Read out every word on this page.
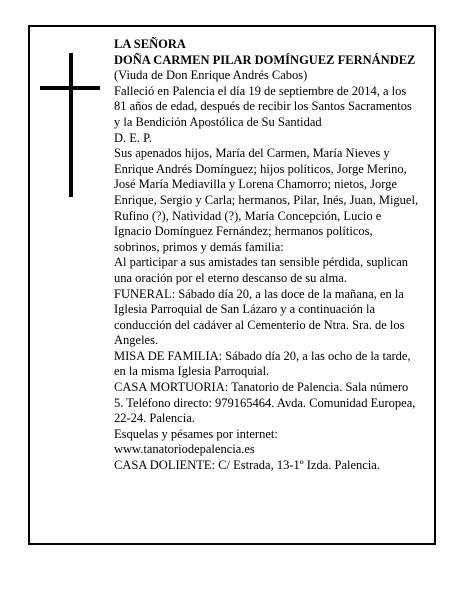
LA SEÑORA

DOÑA CARMEN PILAR DOMÍNGUEZ FERNÁNDEZ

(Viuda de Don Enrique Andrés Cabos)

Falleció en Palencia el día 19 de septiembre de 2014, a los 81 años de edad, después de recibir los Santos Sacramentos y la Bendición Apostólica de Su Santidad

D. E. P.

Sus apenados hijos, María del Carmen, María Nieves y Enrique Andrés Domínguez; hijos políticos, Jorge Merino, José María Mediavilla y Lorena Chamorro; nietos, Jorge Enrique, Sergio y Carla; hermanos, Pilar, Inés, Juan, Miguel, Rufino (?), Natividad (?), María Concepción, Lucio e Ignacio Domínguez Fernández; hermanos políticos, sobrinos, primos y demás familia:

Al participar a sus amistades tan sensible pérdida, suplican una oración por el eterno descanso de su alma.

FUNERAL: Sábado día 20, a las doce de la mañana, en la Iglesia Parroquial de San Lázaro y a continuación la conducción del cadáver al Cementerio de Ntra. Sra. de los Angeles.

MISA DE FAMILIA: Sábado día 20, a las ocho de la tarde, en la misma Iglesia Parroquial.

CASA MORTUORIA: Tanatorio de Palencia. Sala número 5. Teléfono directo: 979165464. Avda. Comunidad Europea, 22-24. Palencia.

Esquelas y pésames por internet:

www.tanatoriodepalencia.es

CASA DOLIENTE: C/ Estrada, 13-1º Izda. Palencia.
